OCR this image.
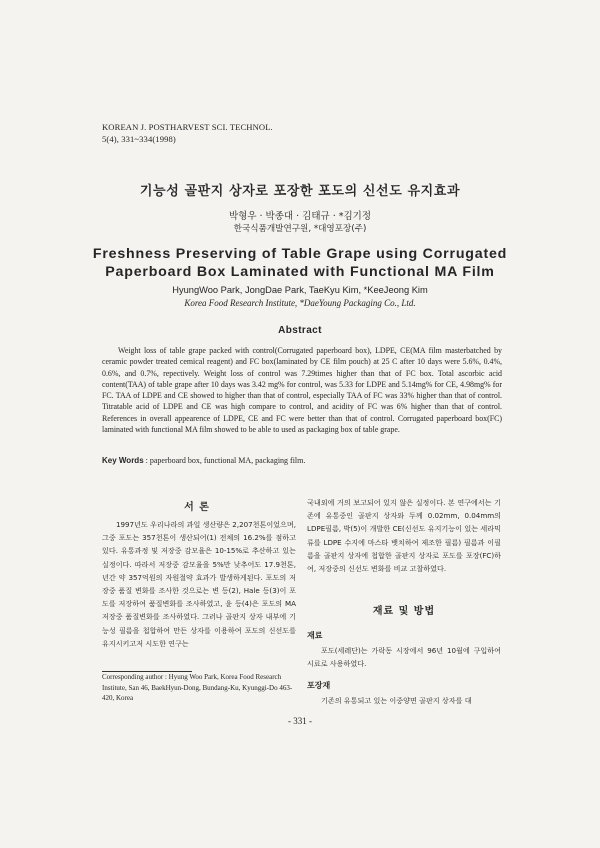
KOREAN J. POSTHARVEST SCI. TECHNOL.
5(4), 331~334(1998)
기능성 골판지 상자로 포장한 포도의 신선도 유지효과
박형우 · 박종대 · 김태규 · *김기정
한국식품개발연구원, *대영포장(주)
Freshness Preserving of Table Grape using Corrugated
Paperboard Box Laminated with Functional MA Film
HyungWoo Park, JongDae Park, TaeKyu Kim, *KeeJeong Kim
Korea Food Research Institute, *DaeYoung Packaging Co., Ltd.
Abstract
Weight loss of table grape packed with control(Corrugated paperboard box), LDPE, CE(MA film masterbatched by ceramic powder treated cemical reagent) and FC box(laminated by CE film pouch) at 25 C after 10 days were 5.6%, 0.4%, 0.6%, and 0.7%, repectively. Weight loss of control was 7.29times higher than that of FC box. Total ascorbic acid content(TAA) of table grape after 10 days was 3.42 mg% for control, was 5.33 for LDPE and 5.14mg% for CE, 4.98mg% for FC. TAA of LDPE and CE showed to higher than that of control, especially TAA of FC was 33% higher than that of control. Titratable acid of LDPE and CE was high compare to control, and acidity of FC was 6% higher than that of control. References in overall appearence of LDPE, CE and FC were better than that of control. Corrugated paperboard box(FC) laminated with functional MA film showed to be able to used as packaging box of table grape.
Key Words : paperboard box, functional MA, packaging film.
서 론

1997년도 우리나라의 과일 생산량은 2,207천톤이었으며, 그중 포도는 357천톤이 생산되어(1) 전체의 16.2%를 점하고 있다. 유통과정 및 저장중 감모율은 10-15%로 추산하고 있는 실정이다. 따라서 저장중 감모율을 5%만 낮추어도 17.9천톤, 년간 약 357억원의 자원절약 효과가 발생하게된다. 포도의 저장중 품질 변화를 조사한 것으로는 변 등(2), Hale 등(3)이 포도를 저장하여 품질변화를 조사하였고, 윤 등(4)은 포도의 MA저장중 품질변화를 조사하였다. 그러나 골판지 상자 내부에 기능성 필름을 첩합하여 만든 상자를 이용하여 포도의 신선도를 유지시키고저 시도한 연구는

Corresponding author : Hyung Woo Park, Korea Food Research Institute, San 46, BaekHyun-Dong, Bundang-Ku, Kyunggi-Do 463-420, Korea

국내외에 거의 보고되어 있지 않은 실정이다. 본 연구에서는 기존에 유통중인 골판지 상자와 두께 0.02mm, 0.04mm의 LDPE필름, 박(5)이 개발한 CE(신선도 유지기능이 있는 세라믹류를 LDPE 수지에 마스타 뱃치하여 제조한 필름) 필름과 이필름을 골판지 상자에 첩합한 골판지 상자로 포도를 포장(FC)하여, 저장중의 신선도 변화를 비교 고찰하였다.

재료 및 방법
재료

포도(세레단)는 가락동 시장에서 96년 10월에 구입하여 시료로 사용하였다.

포장재

기존의 유통되고 있는 이중양면 골판지 상자를 대

- 331 -
